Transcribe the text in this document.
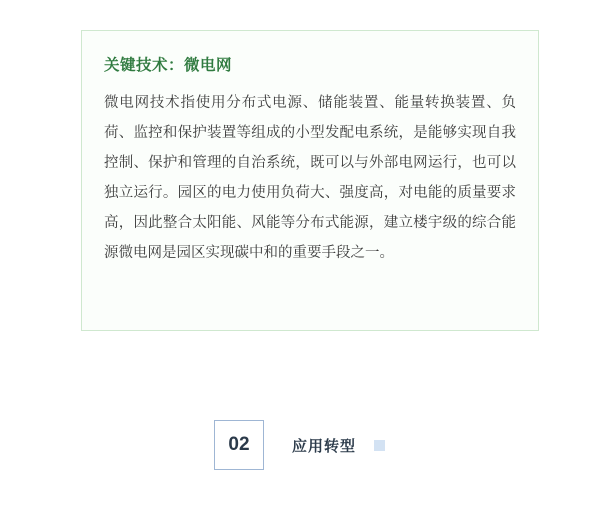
关键技术：微电网

微电网技术指使用分布式电源、储能装置、能量转换装置、负荷、监控和保护装置等组成的小型发配电系统，是能够实现自我控制、保护和管理的自治系统，既可以与外部电网运行，也可以独立运行。园区的电力使用负荷大、强度高，对电能的质量要求高，因此整合太阳能、风能等分布式能源，建立楼宇级的综合能源微电网是园区实现碳中和的重要手段之一。

02	应用转型
